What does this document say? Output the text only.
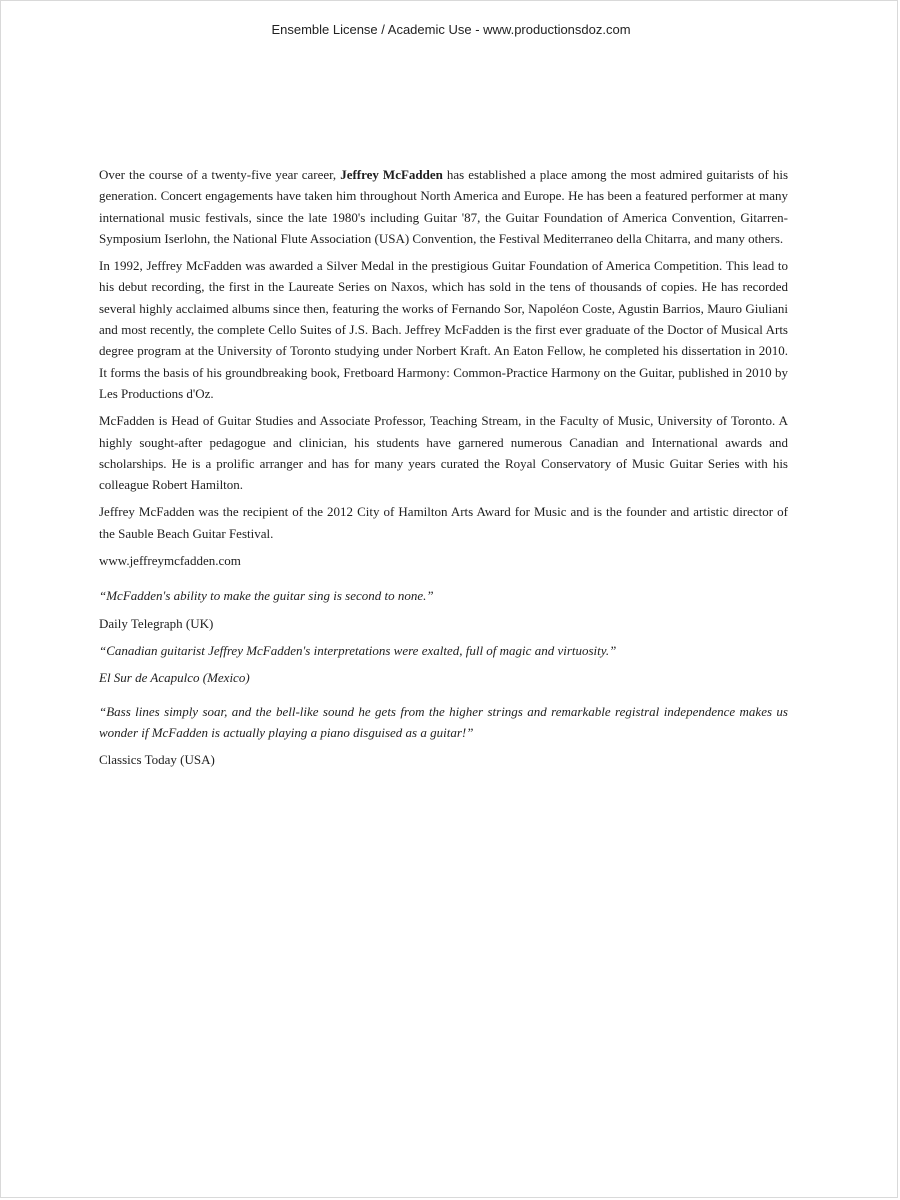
Ensemble License / Academic Use - www.productionsdoz.com

Over the course of a twenty-five year career, Jeffrey McFadden has established a place among the most admired guitarists of his generation. Concert engagements have taken him throughout North America and Europe. He has been a featured performer at many international music festivals, since the late 1980's including Guitar '87, the Guitar Foundation of America Convention, Gitarren-Symposium Iserlohn, the National Flute Association (USA) Convention, the Festival Mediterraneo della Chitarra, and many others.

In 1992, Jeffrey McFadden was awarded a Silver Medal in the prestigious Guitar Foundation of America Competition. This lead to his debut recording, the first in the Laureate Series on Naxos, which has sold in the tens of thousands of copies. He has recorded several highly acclaimed albums since then, featuring the works of Fernando Sor, Napoléon Coste, Agustin Barrios, Mauro Giuliani and most recently, the complete Cello Suites of J.S. Bach. Jeffrey McFadden is the first ever graduate of the Doctor of Musical Arts degree program at the University of Toronto studying under Norbert Kraft. An Eaton Fellow, he completed his dissertation in 2010. It forms the basis of his groundbreaking book, Fretboard Harmony: Common-Practice Harmony on the Guitar, published in 2010 by Les Productions d'Oz.

McFadden is Head of Guitar Studies and Associate Professor, Teaching Stream, in the Faculty of Music, University of Toronto. A highly sought-after pedagogue and clinician, his students have garnered numerous Canadian and International awards and scholarships. He is a prolific arranger and has for many years curated the Royal Conservatory of Music Guitar Series with his colleague Robert Hamilton.

Jeffrey McFadden was the recipient of the 2012 City of Hamilton Arts Award for Music and is the founder and artistic director of the Sauble Beach Guitar Festival.

www.jeffreymcfadden.com

“McFadden's ability to make the guitar sing is second to none.”

Daily Telegraph (UK)

“Canadian guitarist Jeffrey McFadden's interpretations were exalted, full of magic and virtuosity.”

El Sur de Acapulco (Mexico)

“Bass lines simply soar, and the bell-like sound he gets from the higher strings and remarkable registral independence makes us wonder if McFadden is actually playing a piano disguised as a guitar!”

Classics Today (USA)
